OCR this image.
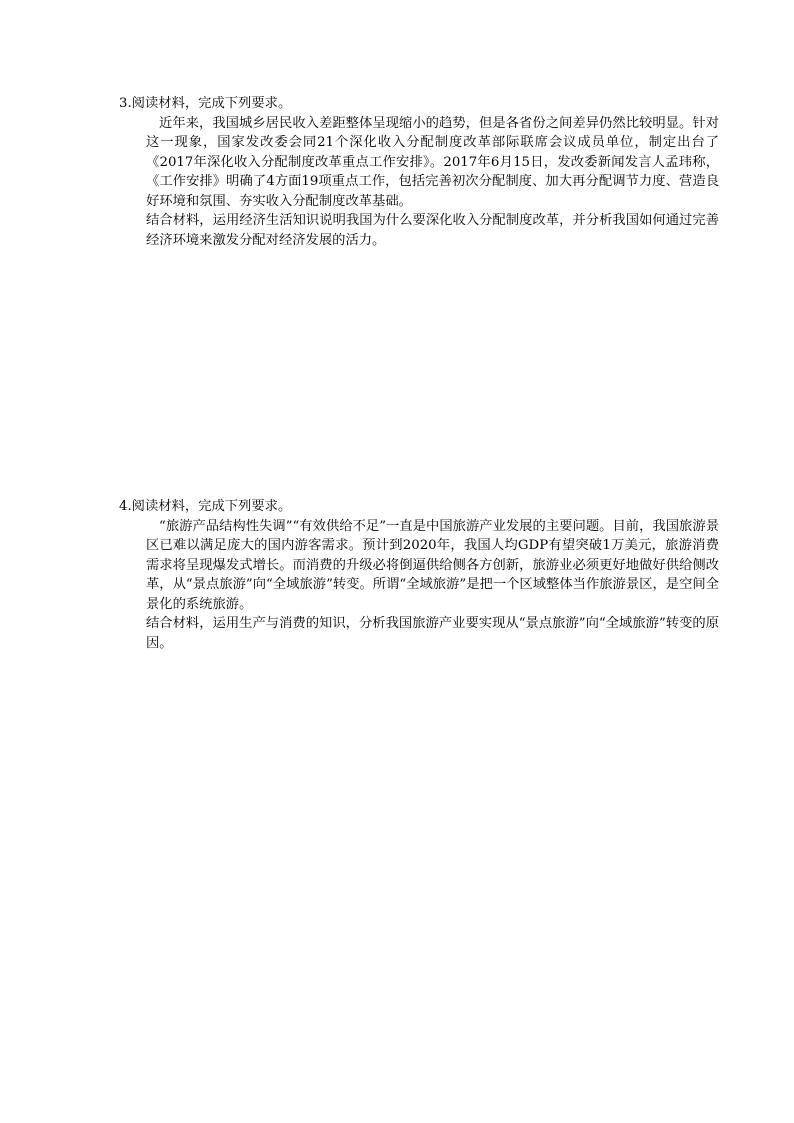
3.阅读材料，完成下列要求。
近年来，我国城乡居民收入差距整体呈现缩小的趋势，但是各省份之间差异仍然比较明显。针对这一现象，国家发改委会同21个深化收入分配制度改革部际联席会议成员单位，制定出台了《2017年深化收入分配制度改革重点工作安排》。2017年6月15日，发改委新闻发言人孟玮称，《工作安排》明确了4方面19项重点工作，包括完善初次分配制度、加大再分配调节力度、营造良好环境和氛围、夯实收入分配制度改革基础。
结合材料，运用经济生活知识说明我国为什么要深化收入分配制度改革，并分析我国如何通过完善经济环境来激发分配对经济发展的活力。
4.阅读材料，完成下列要求。
“旅游产品结构性失调”“有效供给不足”一直是中国旅游产业发展的主要问题。目前，我国旅游景区已难以满足庞大的国内游客需求。预计到2020年，我国人均GDP有望突破1万美元，旅游消费需求将呈现爆发式增长。而消费的升级必将倒逼供给侧各方创新，旅游业必须更好地做好供给侧改革，从“景点旅游”向“全域旅游”转变。所谓“全域旅游”是把一个区域整体当作旅游景区，是空间全景化的系统旅游。
结合材料，运用生产与消费的知识，分析我国旅游产业要实现从“景点旅游”向“全域旅游”转变的原因。
